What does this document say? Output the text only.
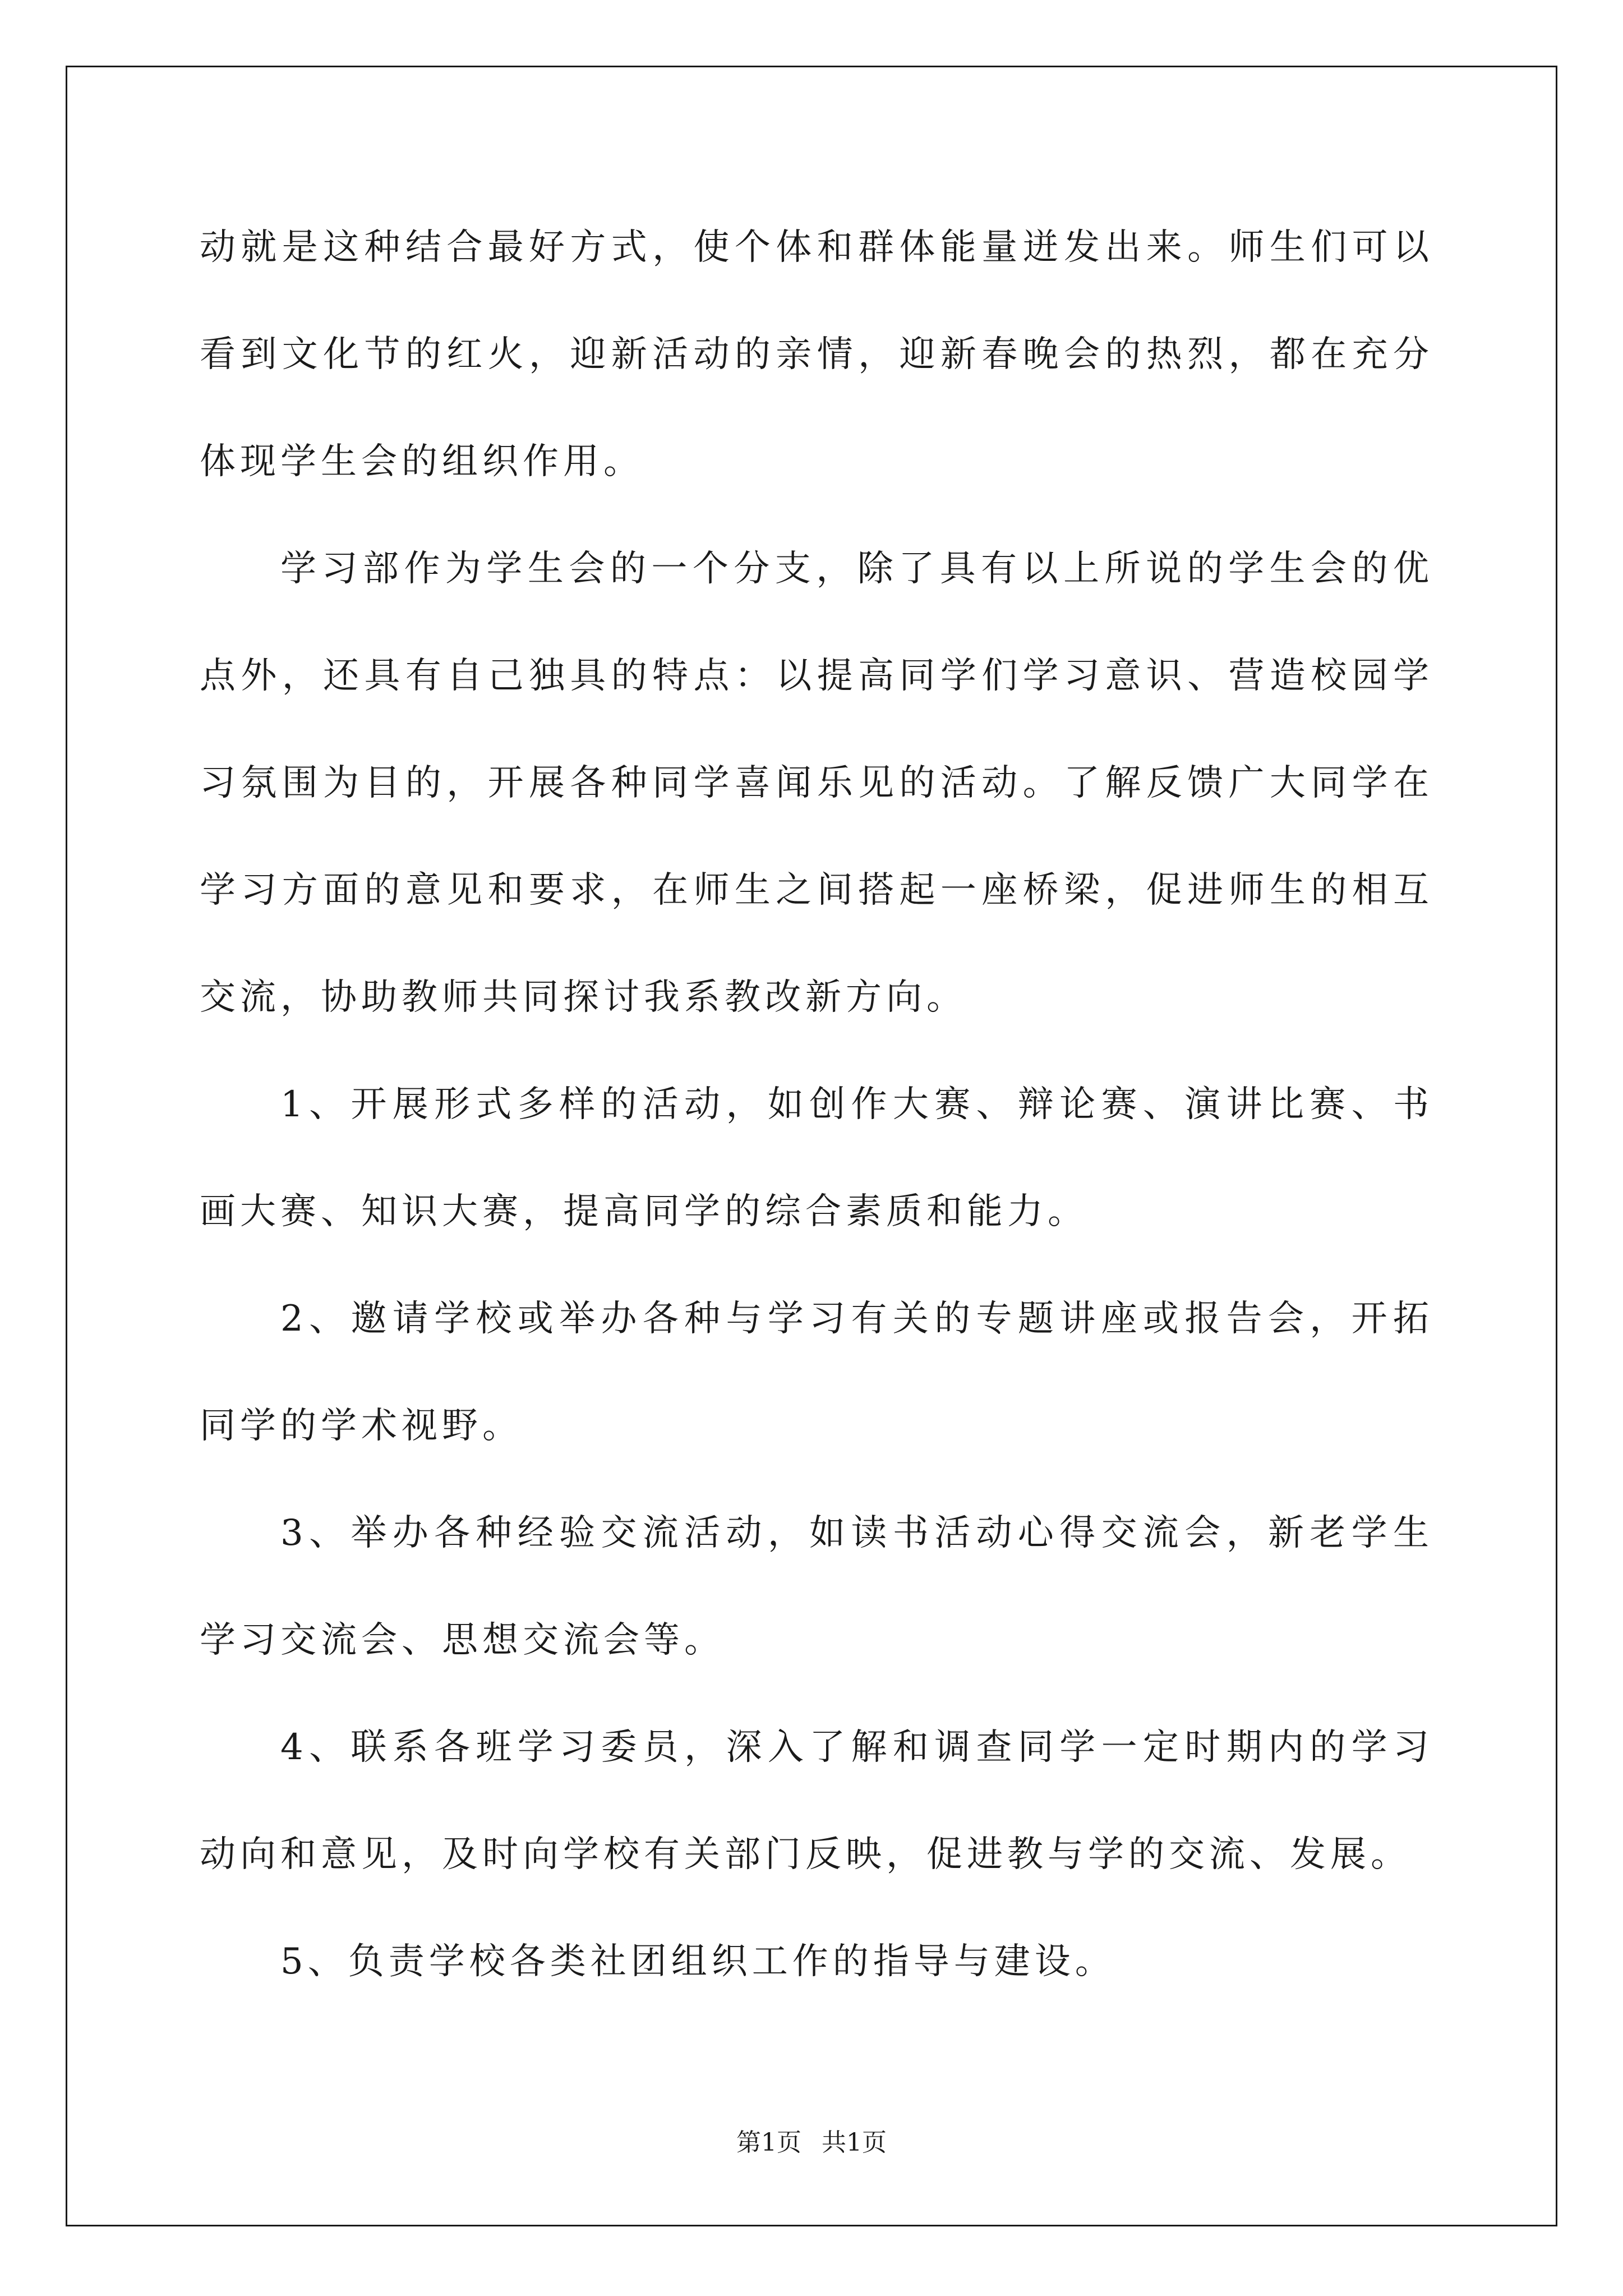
动就是这种结合最好方式，使个体和群体能量迸发出来。师生们可以看到文化节的红火，迎新活动的亲情，迎新春晚会的热烈，都在充分体现学生会的组织作用。

学习部作为学生会的一个分支，除了具有以上所说的学生会的优点外，还具有自己独具的特点：以提高同学们学习意识、营造校园学习氛围为目的，开展各种同学喜闻乐见的活动。了解反馈广大同学在学习方面的意见和要求，在师生之间搭起一座桥梁，促进师生的相互交流，协助教师共同探讨我系教改新方向。

1、开展形式多样的活动，如创作大赛、辩论赛、演讲比赛、书画大赛、知识大赛，提高同学的综合素质和能力。

2、邀请学校或举办各种与学习有关的专题讲座或报告会，开拓同学的学术视野。

3、举办各种经验交流活动，如读书活动心得交流会，新老学生学习交流会、思想交流会等。

4、联系各班学习委员，深入了解和调查同学一定时期内的学习动向和意见，及时向学校有关部门反映，促进教与学的交流、发展。

5、负责学校各类社团组织工作的指导与建设。

第1页 共1页
